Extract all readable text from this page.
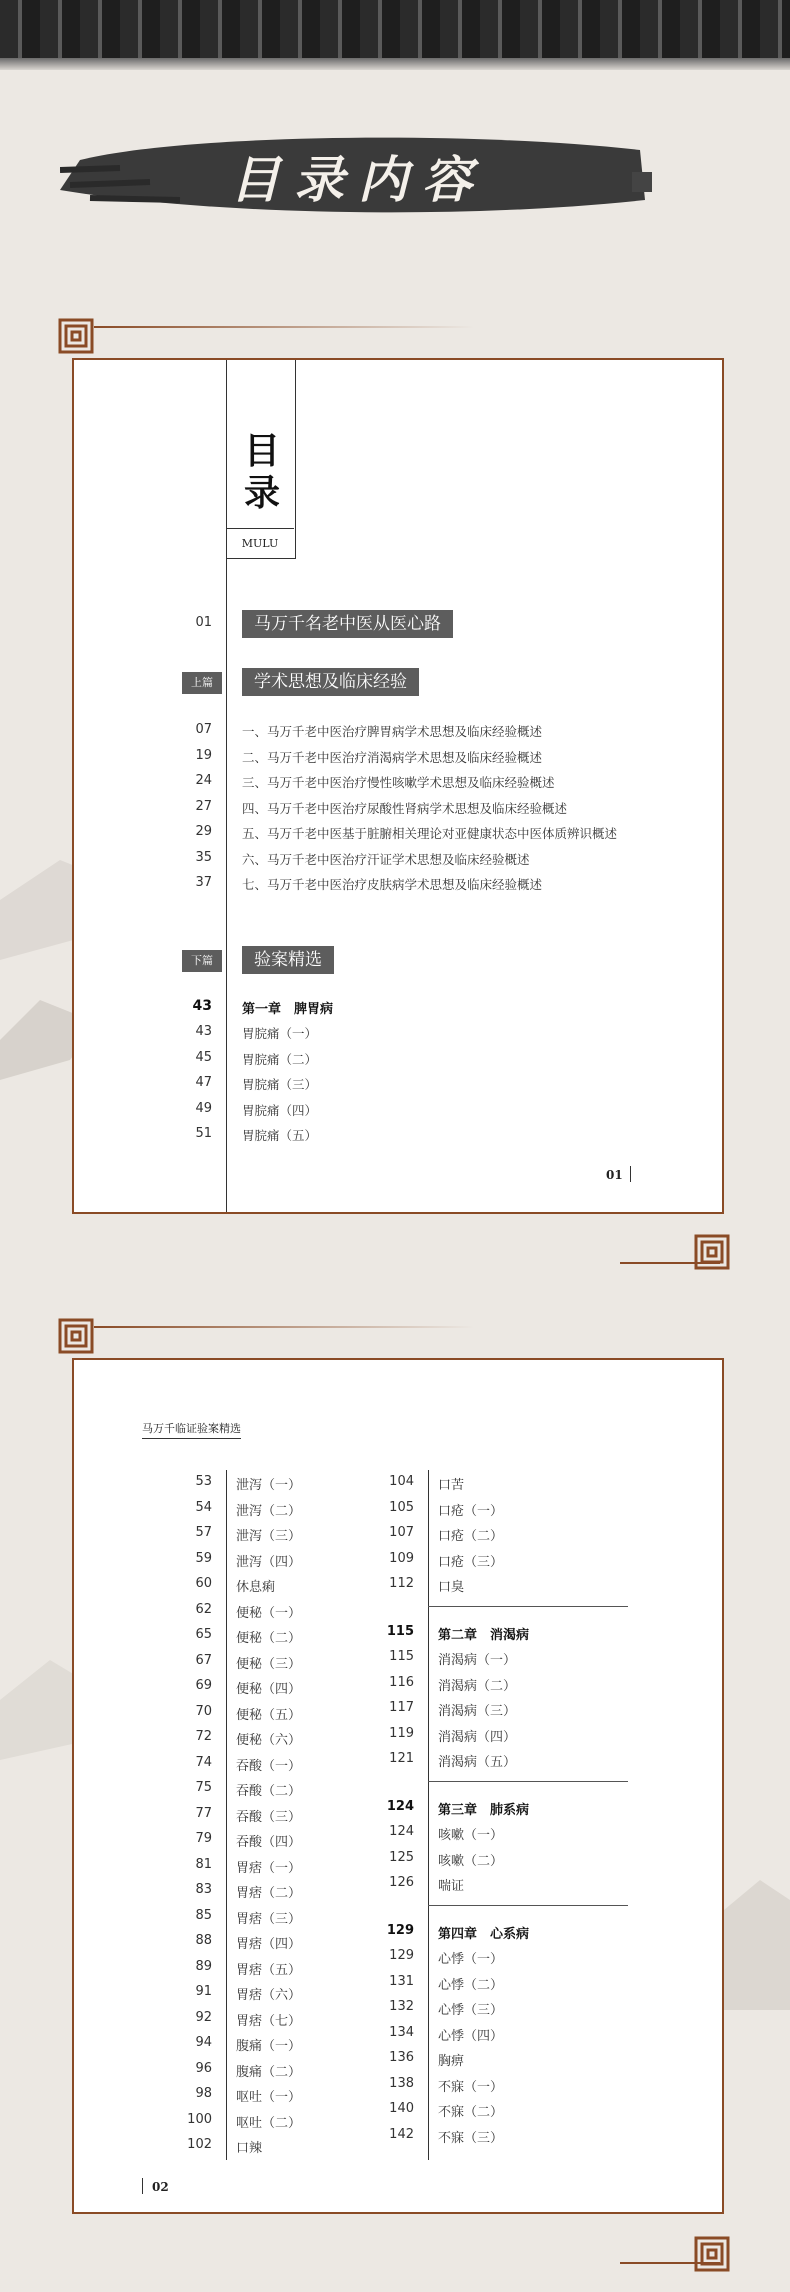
目录内容
目录
MULU
01	马万千名老中医从医心路
上篇	学术思想及临床经验
07 一、马万千老中医治疗脾胃病学术思想及临床经验概述
19 二、马万千老中医治疗消渴病学术思想及临床经验概述
24 三、马万千老中医治疗慢性咳嗽学术思想及临床经验概述
27 四、马万千老中医治疗尿酸性肾病学术思想及临床经验概述
29 五、马万千老中医基于脏腑相关理论对亚健康状态中医体质辨识概述
35 六、马万千老中医治疗汗证学术思想及临床经验概述
37 七、马万千老中医治疗皮肤病学术思想及临床经验概述
下篇	验案精选
43 第一章　脾胃病
43 胃脘痛（一）
45 胃脘痛（二）
47 胃脘痛（三）
49 胃脘痛（四）
51 胃脘痛（五）
01
马万千临证验案精选
53 泄泻（一）
54 泄泻（二）
57 泄泻（三）
59 泄泻（四）
60 休息痢
62 便秘（一）
65 便秘（二）
67 便秘（三）
69 便秘（四）
70 便秘（五）
72 便秘（六）
74 吞酸（一）
75 吞酸（二）
77 吞酸（三）
79 吞酸（四）
81 胃痞（一）
83 胃痞（二）
85 胃痞（三）
88 胃痞（四）
89 胃痞（五）
91 胃痞（六）
92 胃痞（七）
94 腹痛（一）
96 腹痛（二）
98 呕吐（一）
100 呕吐（二）
102 口辣
104 口苦
105 口疮（一）
107 口疮（二）
109 口疮（三）
112 口臭
115 第二章　消渴病
115 消渴病（一）
116 消渴病（二）
117 消渴病（三）
119 消渴病（四）
121 消渴病（五）
124 第三章　肺系病
124 咳嗽（一）
125 咳嗽（二）
126 喘证
129 第四章　心系病
129 心悸（一）
131 心悸（二）
132 心悸（三）
134 心悸（四）
136 胸痹
138 不寐（一）
140 不寐（二）
142 不寐（三）
02
